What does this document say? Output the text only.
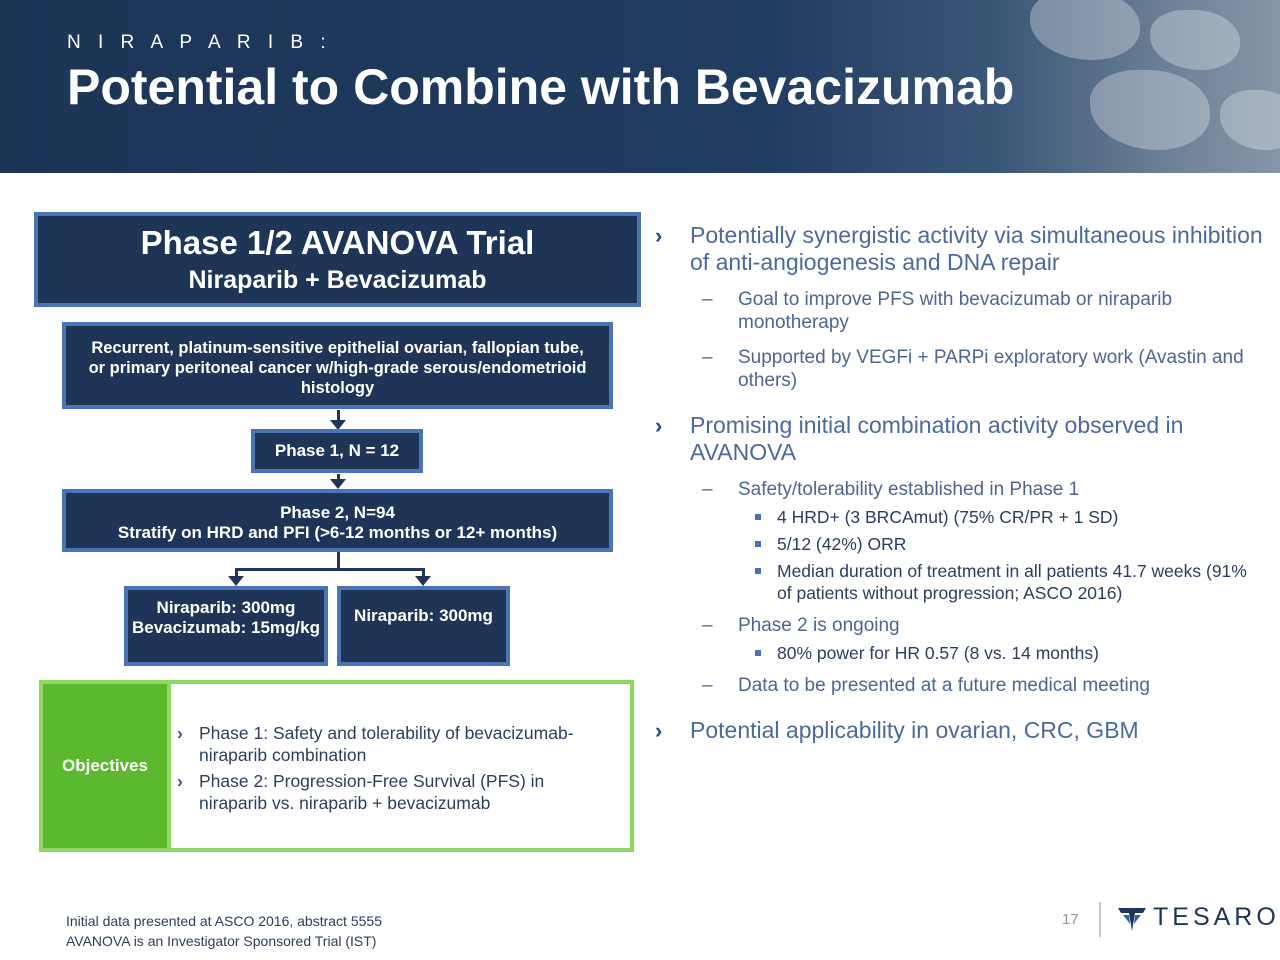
N I R A P A R I B :
Potential to Combine with Bevacizumab
Phase 1/2 AVANOVA Trial
Niraparib + Bevacizumab
Recurrent, platinum-sensitive epithelial ovarian, fallopian tube, or primary peritoneal cancer w/high-grade serous/endometrioid histology
Phase 1, N = 12
Phase 2, N=94
Stratify on HRD and PFI (>6-12 months or 12+ months)
Niraparib: 300mg Bevacizumab: 15mg/kg
Niraparib: 300mg
Objectives
› Phase 1: Safety and tolerability of bevacizumab-niraparib combination
› Phase 2: Progression-Free Survival (PFS) in niraparib vs. niraparib + bevacizumab
› Potentially synergistic activity via simultaneous inhibition of anti-angiogenesis and DNA repair
– Goal to improve PFS with bevacizumab or niraparib monotherapy
– Supported by VEGFi + PARPi exploratory work (Avastin and others)
› Promising initial combination activity observed in AVANOVA
– Safety/tolerability established in Phase 1
4 HRD+ (3 BRCAmut) (75% CR/PR + 1 SD)
5/12 (42%) ORR
Median duration of treatment in all patients 41.7 weeks (91% of patients without progression; ASCO 2016)
– Phase 2 is ongoing
80% power for HR 0.57 (8 vs. 14 months)
– Data to be presented at a future medical meeting
› Potential applicability in ovarian, CRC, GBM
Initial data presented at ASCO 2016, abstract 5555
AVANOVA is an Investigator Sponsored Trial (IST)
17	TESARO
